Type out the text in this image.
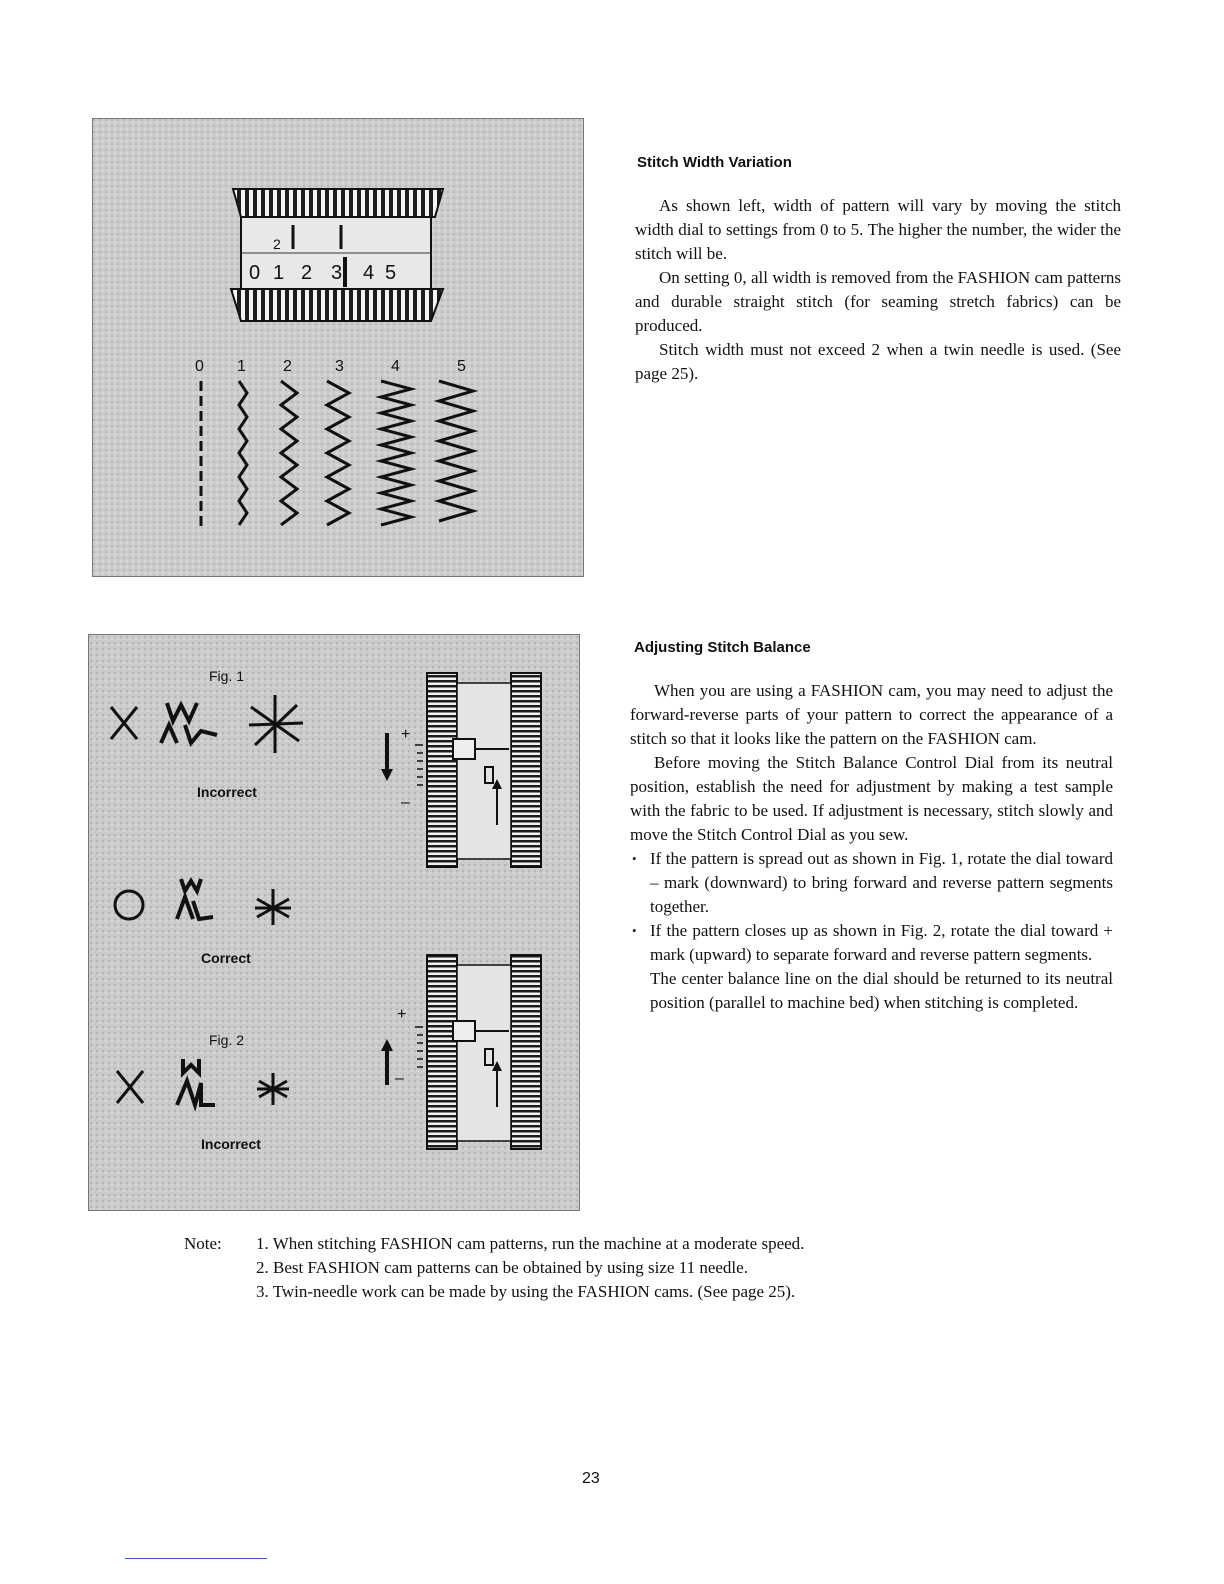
2
0 1 2 3 4 5
0 1 2	3	4	5
Fig. 1
Incorrect
Correct
Fig. 2
Incorrect
+
–
+
–
Stitch Width Variation

As shown left, width of pattern will vary by moving the stitch width dial to settings from 0 to 5. The higher the number, the wider the stitch will be.

On setting 0, all width is removed from the FASHION cam patterns and durable straight stitch (for seaming stretch fabrics) can be produced.

Stitch width must not exceed 2 when a twin needle is used. (See page 25).

Adjusting Stitch Balance

When you are using a FASHION cam, you may need to adjust the forward-reverse parts of your pattern to correct the appearance of a stitch so that it looks like the pattern on the FASHION cam.

Before moving the Stitch Balance Control Dial from its neutral position, establish the need for adjustment by making a test sample with the fabric to be used. If adjustment is necessary, stitch slowly and move the Stitch Control Dial as you sew.

• If the pattern is spread out as shown in Fig. 1, rotate the dial toward – mark (downward) to bring forward and reverse pattern segments together.
• If the pattern closes up as shown in Fig. 2, rotate the dial toward + mark (upward) to separate forward and reverse pattern segments.

The center balance line on the dial should be returned to its neutral position (parallel to machine bed) when stitching is completed.

Note: 1. When stitching FASHION cam patterns, run the machine at a moderate speed.
2. Best FASHION cam patterns can be obtained by using size 11 needle.
3. Twin-needle work can be made by using the FASHION cams. (See page 25).
23
